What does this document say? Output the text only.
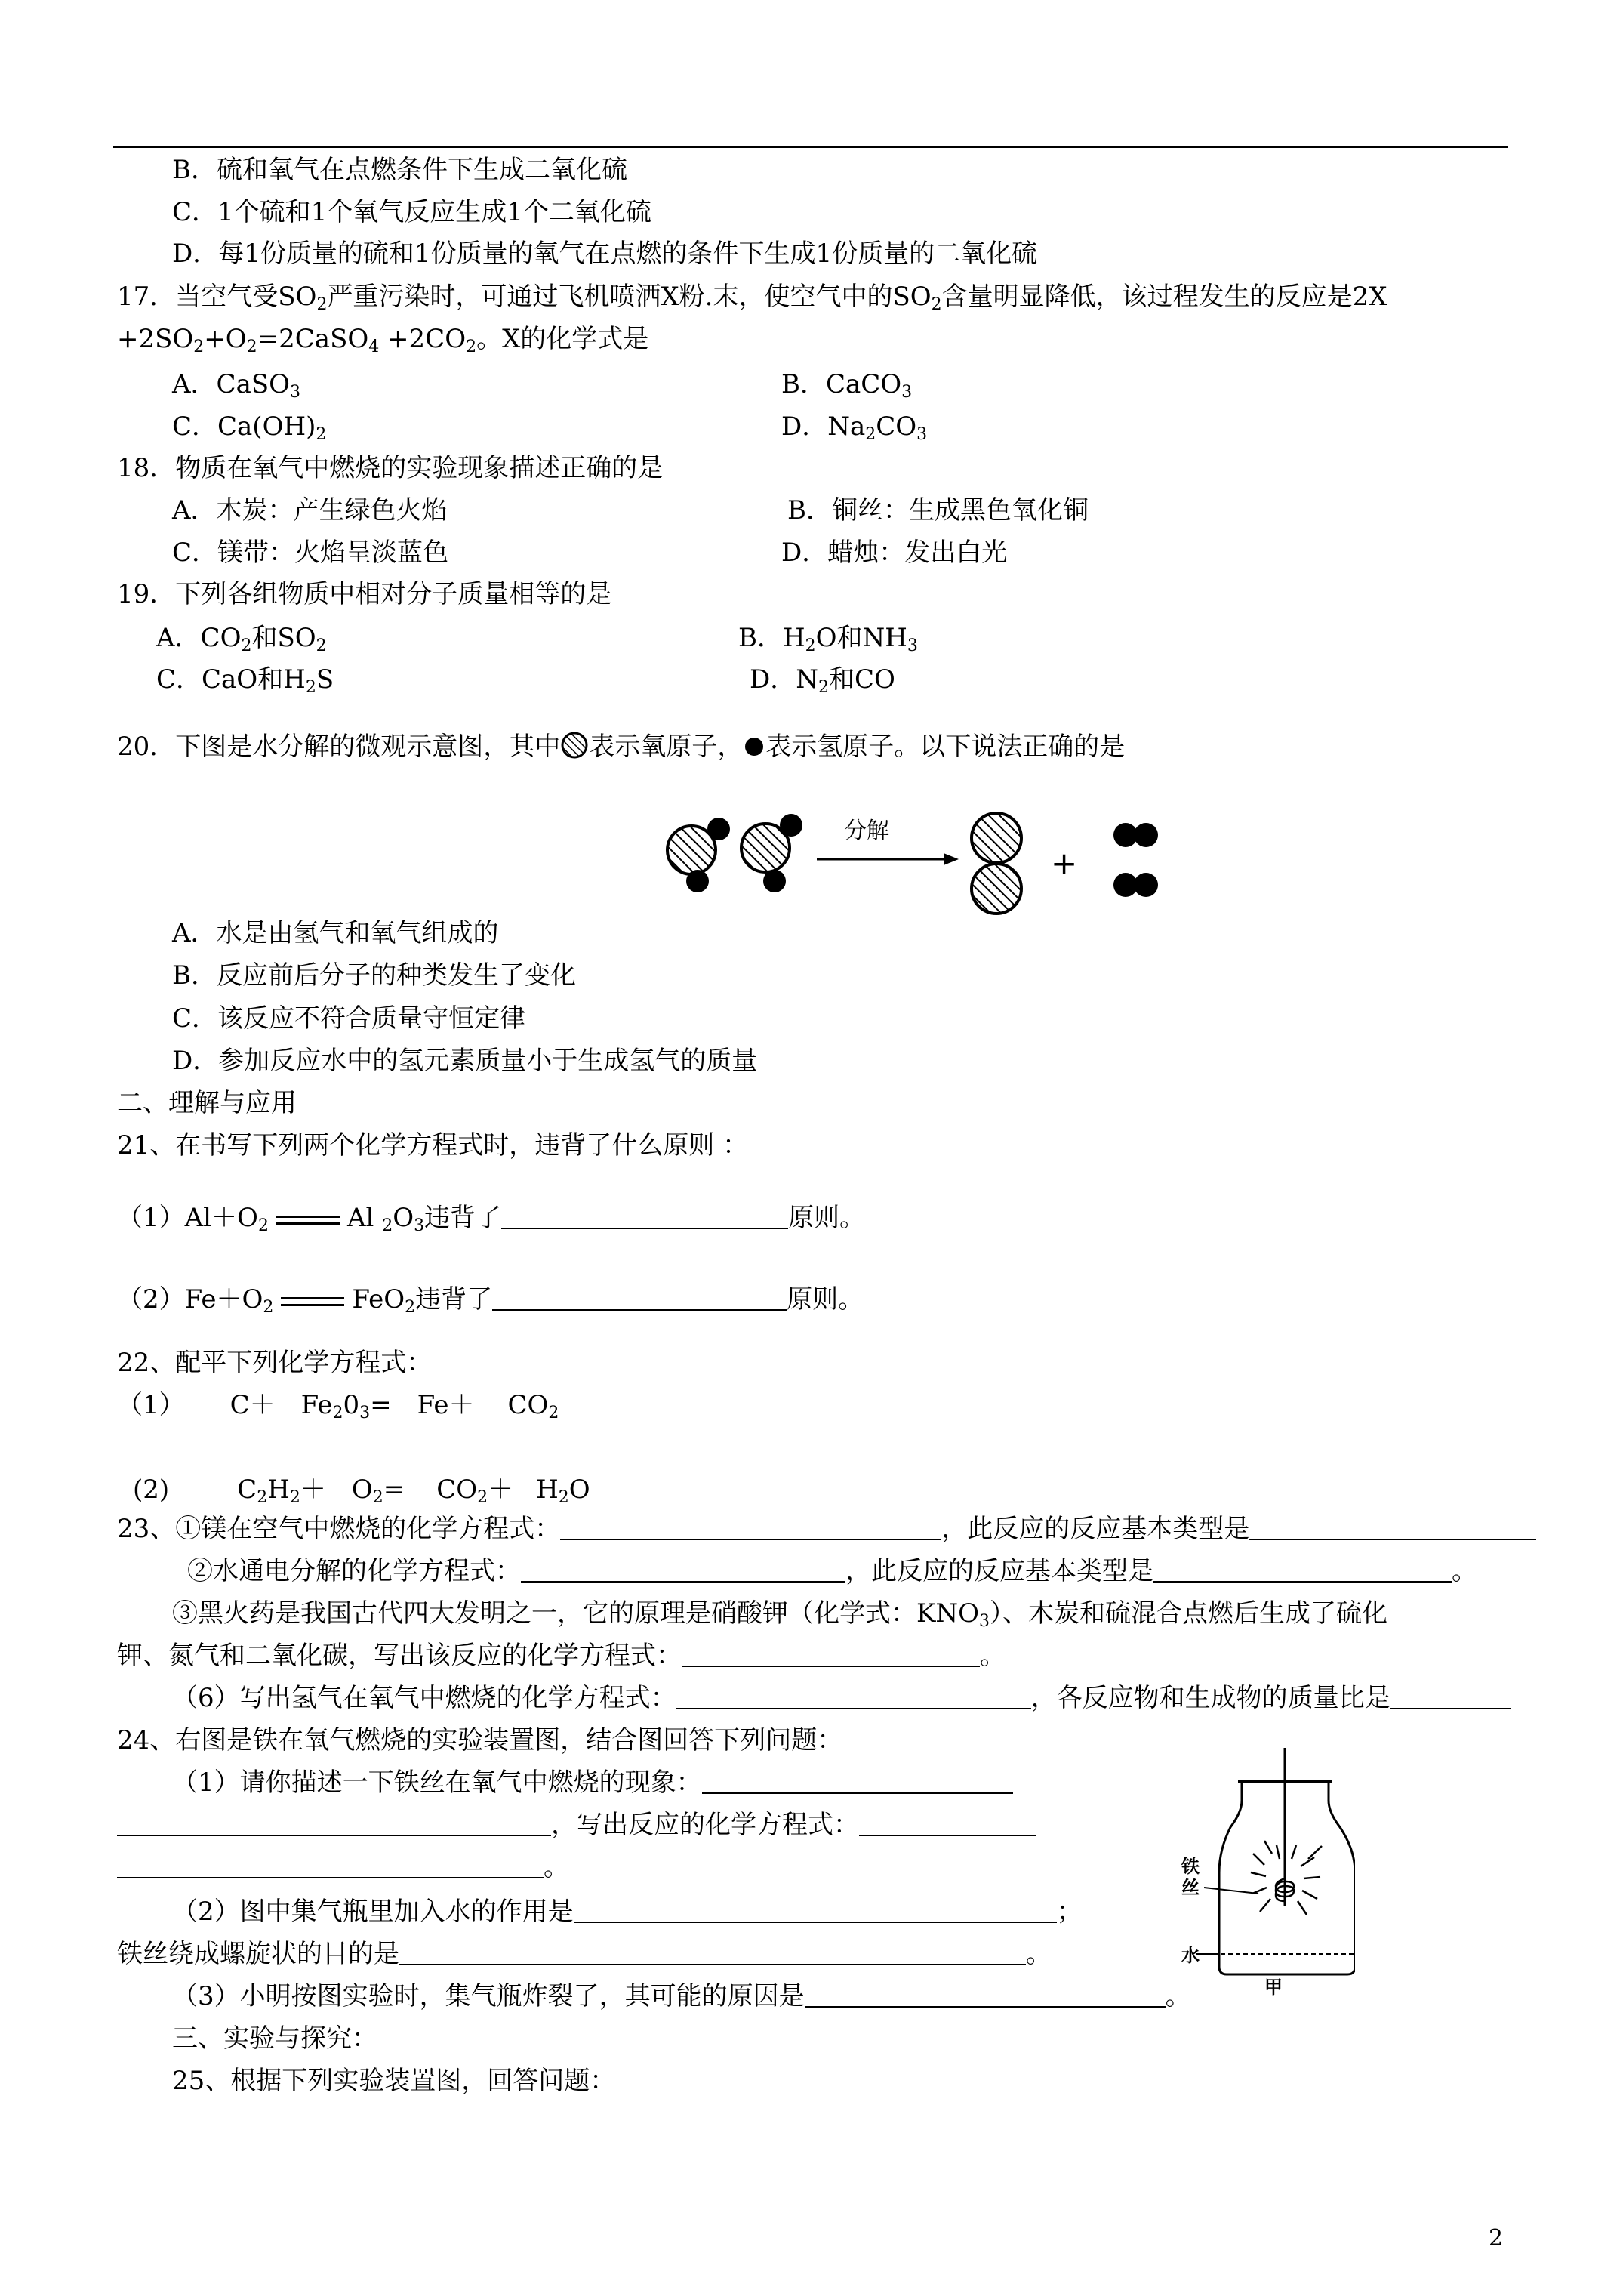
B．硫和氧气在点燃条件下生成二氧化硫
C．1个硫和1个氧气反应生成1个二氧化硫
D．每1份质量的硫和1份质量的氧气在点燃的条件下生成1份质量的二氧化硫
17．当空气受$SO_2$严重污染时，可通过飞机喷洒X粉.末，使空气中的$SO_2$含量明显降低，该过程发生的反应是2X
$+2SO_2+O_2=2CaSO_4 +2CO_2$。X的化学式是
A．CaSO$_3$	B．CaCO$_3$
C．$Ca(OH)_2$	D．$Na_2CO_3$
18．物质在氧气中燃烧的实验现象描述正确的是
A．木炭：产生绿色火焰	B．铜丝：生成黑色氧化铜
C．镁带：火焰呈淡蓝色	D．蜡烛：发出白光
19．下列各组物质中相对分子质量相等的是
A．$CO_2$和$SO_2$	B．$H_2O$和$NH_3$
C．CaO和$H_2S$	D．$N_2$和CO
20．下图是水分解的微观示意图，其中 表示氧原子， 表示氢原子。以下说法正确的是
分解
+
A．水是由氢气和氧气组成的
B．反应前后分子的种类发生了变化
C．该反应不符合质量守恒定律
D．参加反应水中的氢元素质量小于生成氢气的质量
二、理解与应用
21、在书写下列两个化学方程式时，违背了什么原则 ：
$(1)Al+O_2$	Al $_2O_3$违背了	原则。
$(2)Fe+O_2$	FeO$_2$违背了	原则。
22、配平下列化学方程式：
（1） $C+ Fe_20_3= Fe+ CO_2$
(2)	$C_2H_2+ O_2= CO_2+ H_2O$
23、①镁在空气中燃烧的化学方程式：	，此反应的反应基本类型是
②水通电分解的化学方程式：	，此反应的反应基本类型是	。
③黑火药是我国古代四大发明之一，它的原理是硝酸钾（化学式：$KNO_3$）、木炭和硫混合点燃后生成了硫化
钾、氮气和二氧化碳，写出该反应的化学方程式：	。
（6）写出氢气在氧气中燃烧的化学方程式：	，各反应物和生成物的质量比是
24、右图是铁在氧气燃烧的实验装置图，结合图回答下列问题：
（1）请你描述一下铁丝在氧气中燃烧的现象：
，写出反应的化学方程式：
。
（2）图中集气瓶里加入水的作用是	；
铁丝绕成螺旋状的目的是	。
（3）小明按图实验时，集气瓶炸裂了，其可能的原因是	。
铁
丝
水
甲
三、实验与探究：
25、根据下列实验装置图，回答问题：
2
